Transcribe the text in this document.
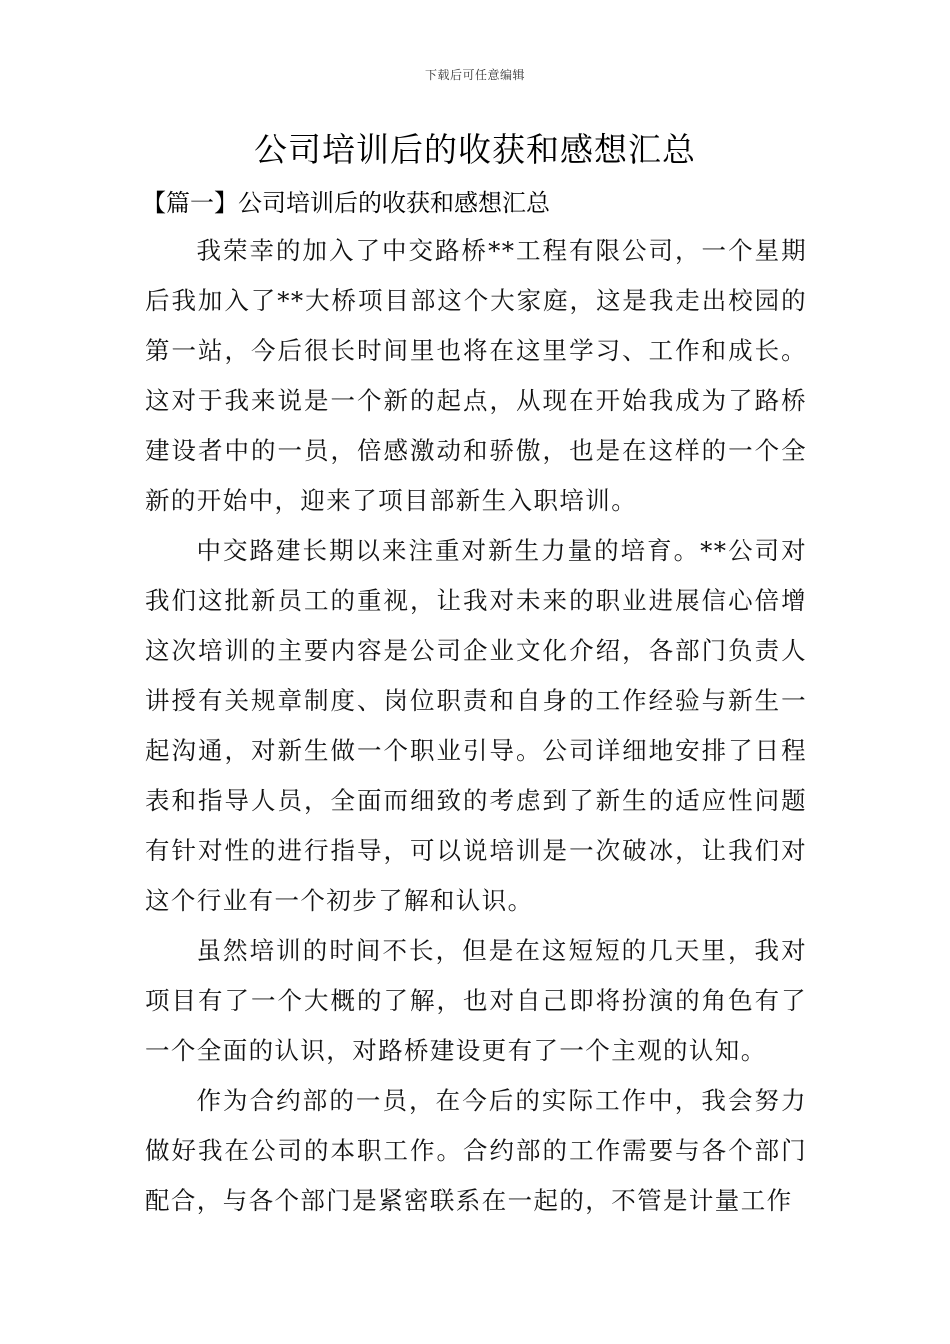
下载后可任意编辑
公司培训后的收获和感想汇总
【篇一】公司培训后的收获和感想汇总

我荣幸的加入了中交路桥**工程有限公司，一个星期后我加入了**大桥项目部这个大家庭，这是我走出校园的第一站，今后很长时间里也将在这里学习、工作和成长。这对于我来说是一个新的起点，从现在开始我成为了路桥建设者中的一员，倍感激动和骄傲，也是在这样的一个全新的开始中，迎来了项目部新生入职培训。

中交路建长期以来注重对新生力量的培育。**公司对我们这批新员工的重视，让我对未来的职业进展信心倍增这次培训的主要内容是公司企业文化介绍，各部门负责人讲授有关规章制度、岗位职责和自身的工作经验与新生一起沟通，对新生做一个职业引导。公司详细地安排了日程表和指导人员，全面而细致的考虑到了新生的适应性问题有针对性的进行指导，可以说培训是一次破冰，让我们对这个行业有一个初步了解和认识。

虽然培训的时间不长，但是在这短短的几天里，我对项目有了一个大概的了解，也对自己即将扮演的角色有了一个全面的认识，对路桥建设更有了一个主观的认知。

作为合约部的一员，在今后的实际工作中，我会努力做好我在公司的本职工作。合约部的工作需要与各个部门配合，与各个部门是紧密联系在一起的，不管是计量工作
